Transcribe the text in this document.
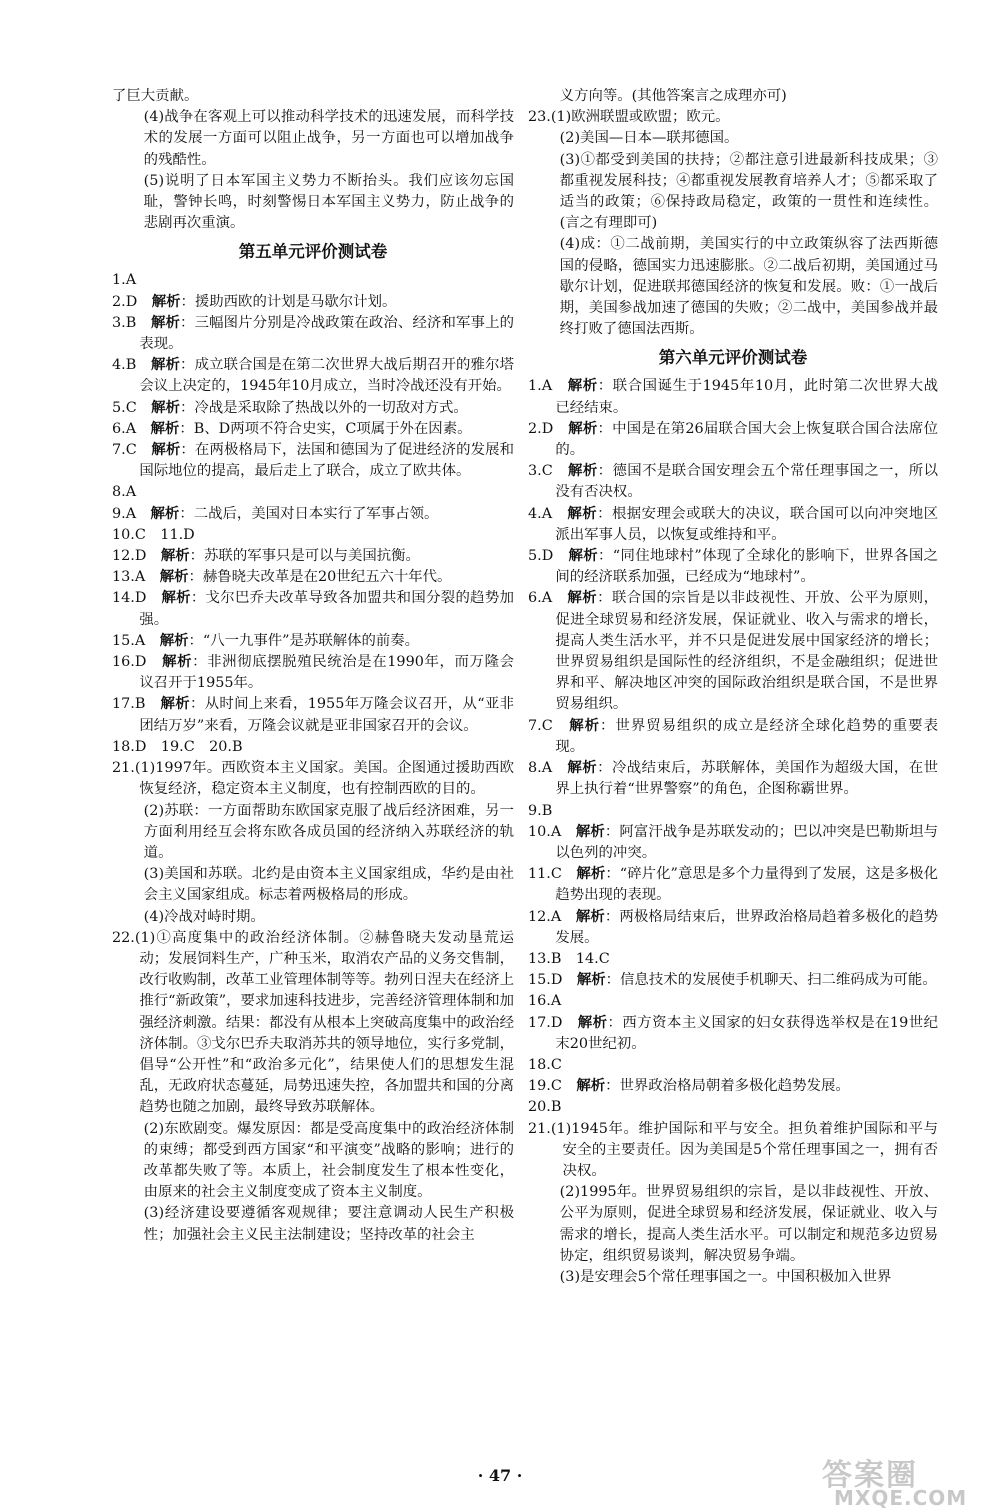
了巨大贡献。

(4)战争在客观上可以推动科学技术的迅速发展，而科学技术的发展一方面可以阻止战争，另一方面也可以增加战争的残酷性。

(5)说明了日本军国主义势力不断抬头。我们应该勿忘国耻，警钟长鸣，时刻警惕日本军国主义势力，防止战争的悲剧再次重演。

第五单元评价测试卷

1.A

2.D　 解析：援助西欧的计划是马歇尔计划。

3.B　 解析：三幅图片分别是冷战政策在政治、经济和军事上的表现。

4.B　 解析：成立联合国是在第二次世界大战后期召开的雅尔塔会议上决定的，1945年10月成立，当时冷战还没有开始。

5.C　 解析：冷战是采取除了热战以外的一切敌对方式。

6.A　 解析：B、D两项不符合史实，C项属于外在因素。

7.C　 解析：在两极格局下，法国和德国为了促进经济的发展和国际地位的提高，最后走上了联合，成立了欧共体。

8.A

9.A　 解析：二战后，美国对日本实行了军事占领。

10.C　11.D

12.D　 解析：苏联的军事只是可以与美国抗衡。

13.A　 解析：赫鲁晓夫改革是在20世纪五六十年代。

14.D　 解析：戈尔巴乔夫改革导致各加盟共和国分裂的趋势加强。

15.A　 解析：“八一九事件”是苏联解体的前奏。

16.D　 解析：非洲彻底摆脱殖民统治是在1990年，而万隆会议召开于1955年。

17.B　 解析：从时间上来看，1955年万隆会议召开，从“亚非团结万岁”来看，万隆会议就是亚非国家召开的会议。

18.D　19.C　20.B

21.(1)1997年。西欧资本主义国家。美国。企图通过援助西欧恢复经济，稳定资本主义制度，也有控制西欧的目的。

(2)苏联：一方面帮助东欧国家克服了战后经济困难，另一方面利用经互会将东欧各成员国的经济纳入苏联经济的轨道。

(3)美国和苏联。北约是由资本主义国家组成，华约是由社会主义国家组成。标志着两极格局的形成。

(4)冷战对峙时期。

22.(1)①高度集中的政治经济体制。②赫鲁晓夫发动垦荒运动；发展饲料生产，广种玉米，取消农产品的义务交售制，改行收购制，改革工业管理体制等等。勃列日涅夫在经济上推行“新政策”，要求加速科技进步，完善经济管理体制和加强经济刺激。结果：都没有从根本上突破高度集中的政治经济体制。③戈尔巴乔夫取消苏共的领导地位，实行多党制，倡导“公开性”和“政治多元化”，结果使人们的思想发生混乱，无政府状态蔓延，局势迅速失控，各加盟共和国的分离趋势也随之加剧，最终导致苏联解体。

(2)东欧剧变。爆发原因：都是受高度集中的政治经济体制的束缚；都受到西方国家“和平演变”战略的影响；进行的改革都失败了等。本质上，社会制度发生了根本性变化，由原来的社会主义制度变成了资本主义制度。

(3)经济建设要遵循客观规律；要注意调动人民生产积极性；加强社会主义民主法制建设；坚持改革的社会主

义方向等。(其他答案言之成理亦可)

23.(1)欧洲联盟或欧盟；欧元。

(2)美国—日本—联邦德国。

(3)①都受到美国的扶持；②都注意引进最新科技成果；③都重视发展科技；④都重视发展教育培养人才；⑤都采取了适当的政策；⑥保持政局稳定，政策的一贯性和连续性。(言之有理即可)

(4)成：①二战前期，美国实行的中立政策纵容了法西斯德国的侵略，德国实力迅速膨胀。②二战后初期，美国通过马歇尔计划，促进联邦德国经济的恢复和发展。败：①一战后期，美国参战加速了德国的失败；②二战中，美国参战并最终打败了德国法西斯。

第六单元评价测试卷

1.A　 解析：联合国诞生于1945年10月，此时第二次世界大战已经结束。

2.D　 解析：中国是在第26届联合国大会上恢复联合国合法席位的。

3.C　 解析：德国不是联合国安理会五个常任理事国之一，所以没有否决权。

4.A　 解析：根据安理会或联大的决议，联合国可以向冲突地区派出军事人员，以恢复或维持和平。

5.D　 解析：“同住地球村”体现了全球化的影响下，世界各国之间的经济联系加强，已经成为“地球村”。

6.A　 解析：联合国的宗旨是以非歧视性、开放、公平为原则，促进全球贸易和经济发展，保证就业、收入与需求的增长，提高人类生活水平，并不只是促进发展中国家经济的增长；世界贸易组织是国际性的经济组织，不是金融组织；促进世界和平、解决地区冲突的国际政治组织是联合国，不是世界贸易组织。

7.C　 解析：世界贸易组织的成立是经济全球化趋势的重要表现。

8.A　 解析：冷战结束后，苏联解体，美国作为超级大国，在世界上执行着“世界警察”的角色，企图称霸世界。

9.B

10.A　 解析：阿富汗战争是苏联发动的；巴以冲突是巴勒斯坦与以色列的冲突。

11.C　 解析：“碎片化”意思是多个力量得到了发展，这是多极化趋势出现的表现。

12.A　 解析：两极格局结束后，世界政治格局趋着多极化的趋势发展。

13.B　14.C

15.D　 解析：信息技术的发展使手机聊天、扫二维码成为可能。

16.A

17.D　 解析：西方资本主义国家的妇女获得选举权是在19世纪末20世纪初。

18.C

19.C　 解析：世界政治格局朝着多极化趋势发展。

20.B

21.(1)1945年。维护国际和平与安全。担负着维护国际和平与安全的主要责任。因为美国是5个常任理事国之一，拥有否决权。

(2)1995年。世界贸易组织的宗旨，是以非歧视性、开放、公平为原则，促进全球贸易和经济发展，保证就业、收入与需求的增长，提高人类生活水平。可以制定和规范多边贸易协定，组织贸易谈判，解决贸易争端。

(3)是安理会5个常任理事国之一。中国积极加入世界

· 47 ·	答案圈
MXQE.COM
